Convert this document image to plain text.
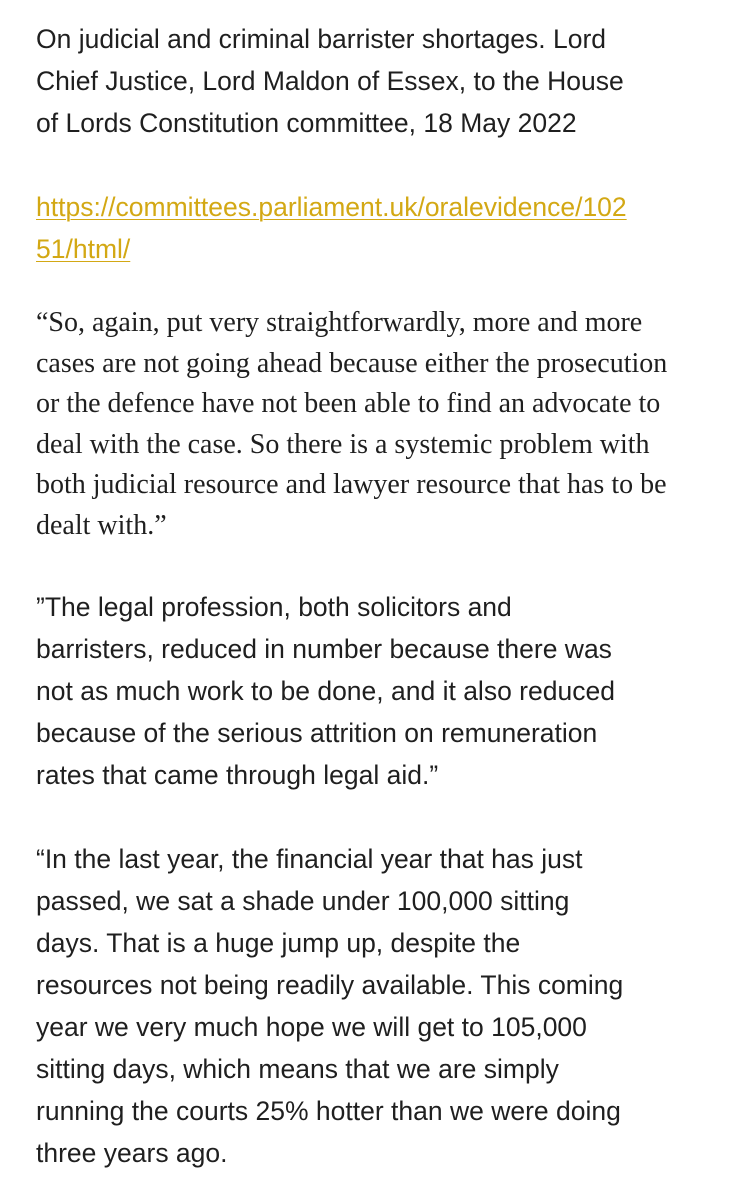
On judicial and criminal barrister shortages. Lord
Chief Justice, Lord Maldon of Essex, to the House
of Lords Constitution committee, 18 May 2022
https://committees.parliament.uk/oralevidence/102
51/html/
“So, again, put very straightforwardly, more and more
cases are not going ahead because either the prosecution
or the defence have not been able to find an advocate to
deal with the case. So there is a systemic problem with
both judicial resource and lawyer resource that has to be
dealt with.”
”The legal profession, both solicitors and
barristers, reduced in number because there was
not as much work to be done, and it also reduced
because of the serious attrition on remuneration
rates that came through legal aid.”
“In the last year, the financial year that has just
passed, we sat a shade under 100,000 sitting
days. That is a huge jump up, despite the
resources not being readily available. This coming
year we very much hope we will get to 105,000
sitting days, which means that we are simply
running the courts 25% hotter than we were doing
three years ago.
